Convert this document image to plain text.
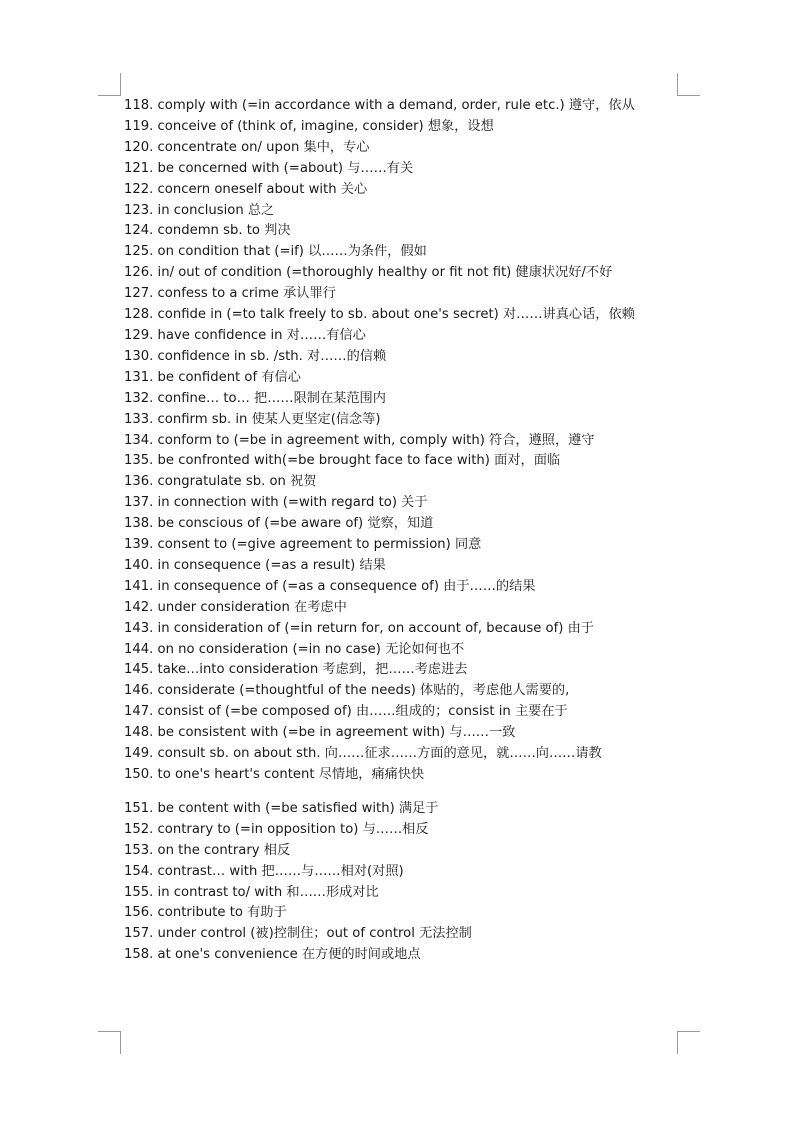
118. comply with (=in accordance with a demand, order, rule etc.) 遵守，依从

119. conceive of (think of, imagine, consider) 想象，设想

120. concentrate on/ upon 集中，专心

121. be concerned with (=about) 与……有关

122. concern oneself about with 关心

123. in conclusion 总之

124. condemn sb. to 判决

125. on condition that (=if) 以……为条件，假如

126. in/ out of condition (=thoroughly healthy or fit not fit) 健康状况好/不好

127. confess to a crime 承认罪行

128. confide in (=to talk freely to sb. about one's secret) 对……讲真心话，依赖

129. have confidence in 对……有信心

130. confidence in sb. /sth. 对……的信赖

131. be confident of 有信心

132. confine… to… 把……限制在某范围内

133. confirm sb. in 使某人更坚定(信念等)

134. conform to (=be in agreement with, comply with) 符合，遵照，遵守

135. be confronted with(=be brought face to face with) 面对，面临

136. congratulate sb. on 祝贺

137. in connection with (=with regard to) 关于

138. be conscious of (=be aware of) 觉察，知道

139. consent to (=give agreement to permission) 同意

140. in consequence (=as a result) 结果

141. in consequence of (=as a consequence of) 由于……的结果

142. under consideration 在考虑中

143. in consideration of (=in return for, on account of, because of) 由于

144. on no consideration (=in no case) 无论如何也不

145. take…into consideration 考虑到，把……考虑进去

146. considerate (=thoughtful of the needs) 体贴的，考虑他人需要的,

147. consist of (=be composed of) 由……组成的；consist in 主要在于

148. be consistent with (=be in agreement with) 与……一致

149. consult sb. on about sth. 向……征求……方面的意见，就……向……请教

150. to one's heart's content 尽情地，痛痛快快

151. be content with (=be satisfied with) 满足于

152. contrary to (=in opposition to) 与……相反

153. on the contrary 相反

154. contrast… with 把……与……相对(对照)

155. in contrast to/ with 和……形成对比

156. contribute to 有助于

157. under control (被)控制住；out of control 无法控制

158. at one's convenience 在方便的时间或地点
